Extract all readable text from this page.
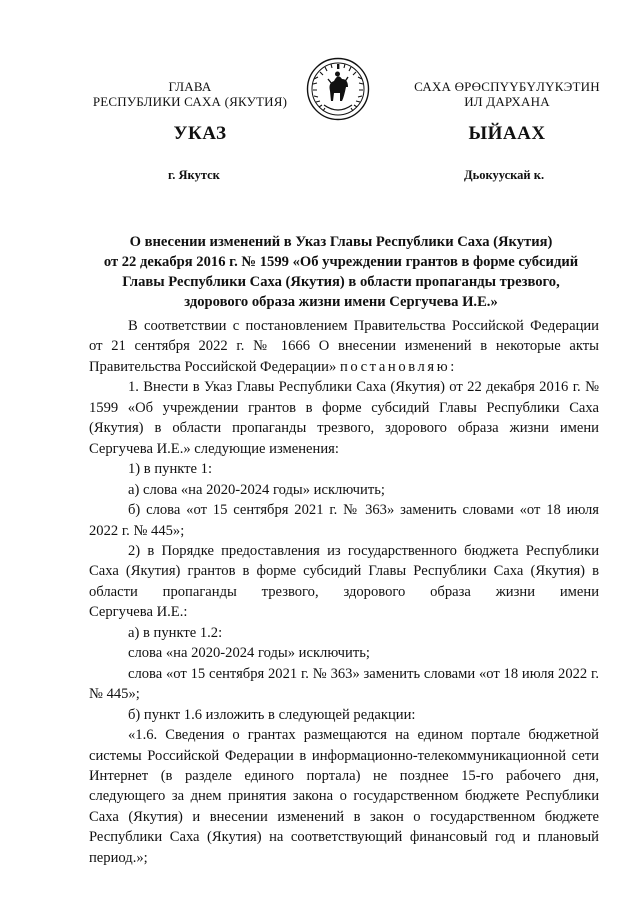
ГЛАВА
РЕСПУБЛИКИ САХА (ЯКУТИЯ)
САХА ӨРӨСПҮҮБҮЛҮКЭТИН
ИЛ ДАРХАНА
УКАЗ	ЫЙААХ
г. Якутск	Дьокуускай к.
О внесении изменений в Указ Главы Республики Саха (Якутия)
от 22 декабря 2016 г. № 1599 «Об учреждении грантов в форме субсидий
Главы Республики Саха (Якутия) в области пропаганды трезвого,
здорового образа жизни имени Сергучева И.Е.»

В соответствии с постановлением Правительства Российской Федерации от 21 сентября 2022 г. № 1666 О внесении изменений в некоторые акты Правительства Российской Федерации» постановляю:

1. Внести в Указ Главы Республики Саха (Якутия) от 22 декабря 2016 г. № 1599 «Об учреждении грантов в форме субсидий Главы Республики Саха (Якутия) в области пропаганды трезвого, здорового образа жизни имени Сергучева И.Е.» следующие изменения:

1) в пункте 1:

а) слова «на 2020-2024 годы» исключить;

б) слова «от 15 сентября 2021 г. № 363» заменить словами «от 18 июля 2022 г. № 445»;

2) в Порядке предоставления из государственного бюджета Республики Саха (Якутия) грантов в форме субсидий Главы Республики Саха (Якутия) в области пропаганды трезвого, здорового образа жизни имени

Сергучева И.Е.:

а) в пункте 1.2:

слова «на 2020-2024 годы» исключить;

слова «от 15 сентября 2021 г. № 363» заменить словами «от 18 июля 2022 г. № 445»;

б) пункт 1.6 изложить в следующей редакции:

«1.6. Сведения о грантах размещаются на едином портале бюджетной системы Российской Федерации в информационно-телекоммуникационной сети Интернет (в разделе единого портала) не позднее 15-го рабочего дня, следующего за днем принятия закона о государственном бюджете Республики Саха (Якутия) и внесении изменений в закон о государственном бюджете Республики Саха (Якутия) на соответствующий финансовый год и плановый период.»;
